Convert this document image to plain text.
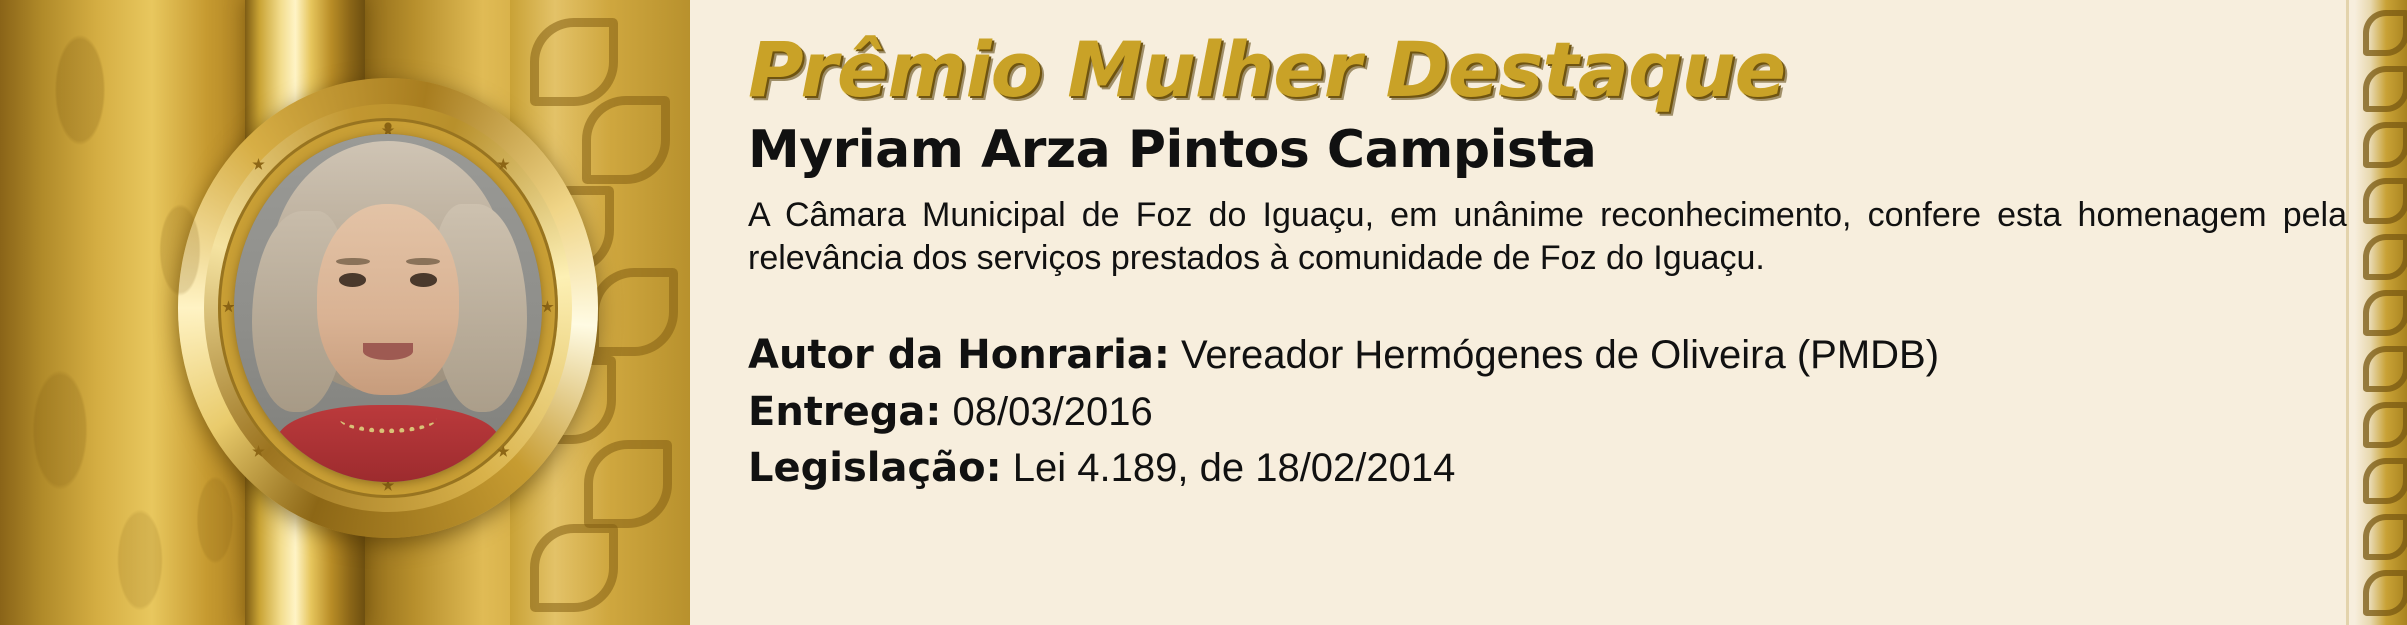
Prêmio Mulher Destaque
Myriam Arza Pintos Campista

A Câmara Municipal de Foz do Iguaçu, em unânime reconhecimento, confere esta homenagem pela relevância dos serviços prestados à comunidade de Foz do Iguaçu.

Autor da Honraria: Vereador Hermógenes de Oliveira (PMDB)

Entrega: 08/03/2016

Legislação: Lei 4.189, de 18/02/2014
